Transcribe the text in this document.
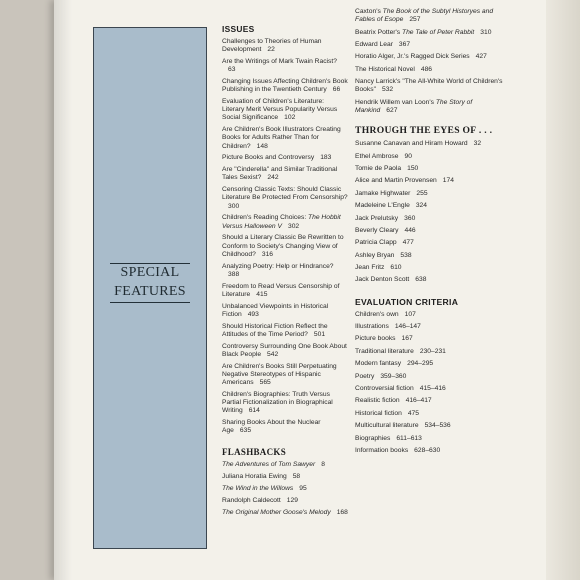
SPECIAL
FEATURES
ISSUES
Challenges to Theories of Human Development 22
Are the Writings of Mark Twain Racist?63
Changing Issues Affecting Children's Book Publishing in the Twentieth Century 66
Evaluation of Children's Literature: Literary Merit Versus Popularity Versus Social Significance 102
Are Children's Book Illustrators Creating Books for Adults Rather Than for Children? 148
Picture Books and Controversy 183
Are "Cinderella" and Similar Traditional Tales Sexist? 242
Censoring Classic Texts: Should Classic Literature Be Protected From Censorship?300
Children's Reading Choices: The Hobbit Versus Halloween V 302
Should a Literary Classic Be Rewritten to Conform to Society's Changing View of Childhood? 316
Analyzing Poetry: Help or Hindrance?388
Freedom to Read Versus Censorship of Literature 415
Unbalanced Viewpoints in Historical Fiction 493
Should Historical Fiction Reflect the Attitudes of the Time Period? 501
Controversy Surrounding One Book About Black People 542
Are Children's Books Still Perpetuating Negative Stereotypes of Hispanic Americans 565
Children's Biographies: Truth Versus Partial Fictionalization in Biographical Writing 614
Sharing Books About the Nuclear Age 635
FLASHBACKS
The Adventures of Tom Sawyer 8
Juliana Horatia Ewing 58
The Wind in the Willows 95
Randolph Caldecott 129
The Original Mother Goose's Melody 168
Caxton's The Book of the Subtyl Historyes and Fables of Esope 257
Beatrix Potter's The Tale of Peter Rabbit 310
Edward Lear 367
Horatio Alger, Jr.'s Ragged Dick Series 427
The Historical Novel 486
Nancy Larrick's "The All-White World of Children's Books" 532
Hendrik Willem van Loon's The Story of Mankind 627
THROUGH THE EYES OF . . .
Susanne Canavan and Hiram Howard 32
Ethel Ambrose 90
Tomie de Paola 150
Alice and Martin Provensen 174
Jamake Highwater 255
Madeleine L'Engle 324
Jack Prelutsky 360
Beverly Cleary 446
Patricia Clapp 477
Ashley Bryan 538
Jean Fritz 610
Jack Denton Scott 638
EVALUATION CRITERIA
Children's own 107
Illustrations 146–147
Picture books 167
Traditional literature 230–231
Modern fantasy 294–295
Poetry 359–360
Controversial fiction 415–416
Realistic fiction 416–417
Historical fiction 475
Multicultural literature 534–536
Biographies 611–613
Information books 628–630
